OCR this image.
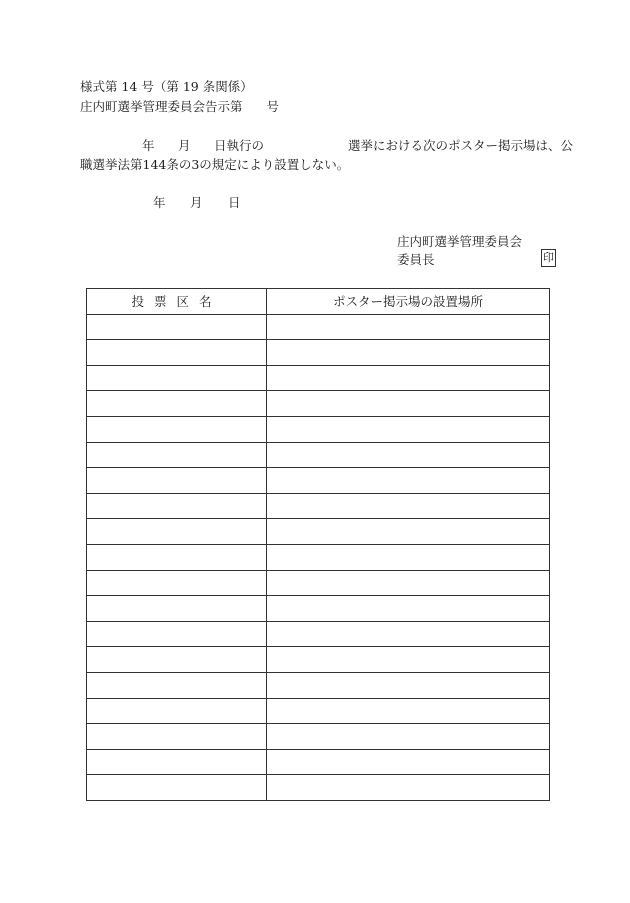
様式第 14 号（第 19 条関係）
庄内町選挙管理委員会告示第 号
年 月 日執行の	選挙における次のポスター掲示場は、公
職選挙法第144条の3の規定により設置しない。
年 月 日
庄内町選挙管理委員会
委員長	印
投票区名	ポスター掲示場の設置場所
